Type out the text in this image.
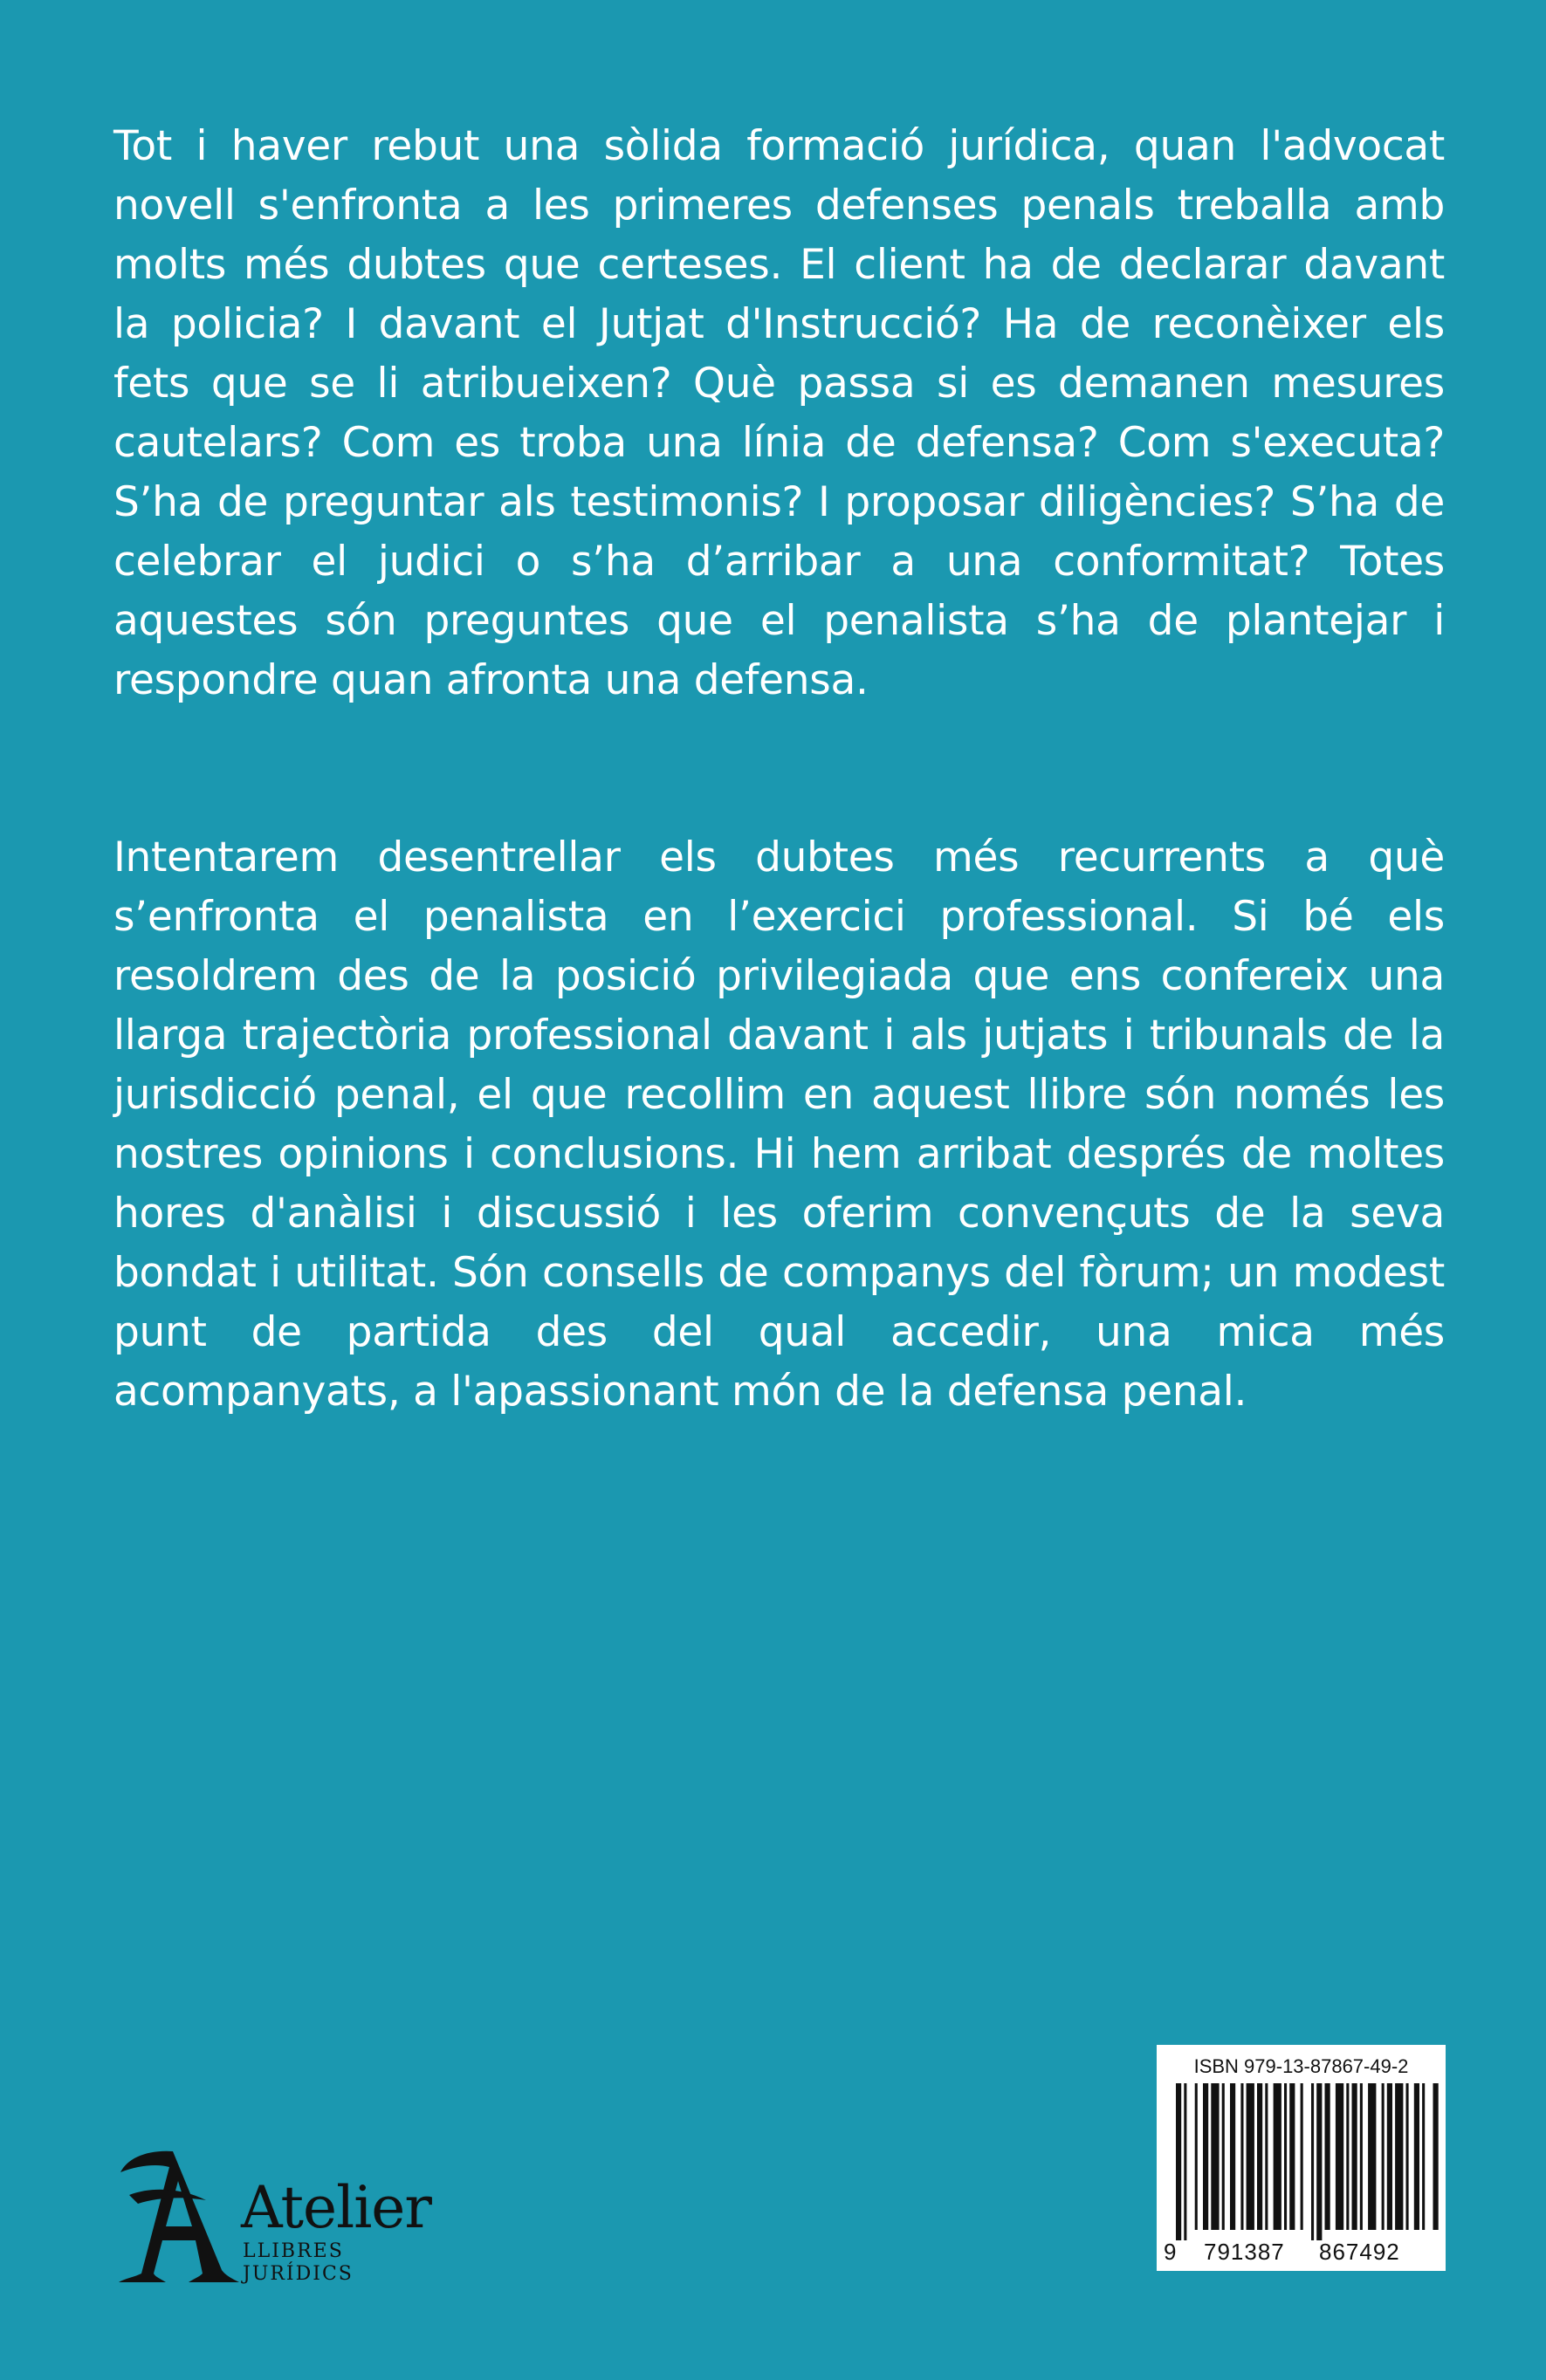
Tot i haver rebut una sòlida formació jurídica, quan l'advocat novell s'enfronta a les primeres defenses penals treballa amb molts més dubtes que certeses. El client ha de declarar davant la policia? I davant el Jutjat d'Instrucció? Ha de reconèixer els fets que se li atribueixen? Què passa si es demanen mesures cautelars? Com es troba una línia de defensa? Com s'executa? S’ha de preguntar als testimonis? I proposar diligències? S’ha de celebrar el judici o s’ha d’arribar a una conformitat? Totes aquestes són preguntes que el penalista s’ha de plantejar i respondre quan afronta una defensa.
Intentarem desentrellar els dubtes més recurrents a què s’enfronta el penalista en l’exercici professional. Si bé els resoldrem des de la posició privilegiada que ens confereix una llarga trajectòria professional davant i als jutjats i tribunals de la jurisdicció penal, el que recollim en aquest llibre són només les nostres opinions i conclusions. Hi hem arribat després de moltes hores d'anàlisi i discussió i les oferim convençuts de la seva bondat i utilitat. Són consells de companys del fòrum; un modest punt de partida des del qual accedir, una mica més acompanyats, a l'apassionant món de la defensa penal.
Atelier
LLIBRES JURÍDICS
ISBN 979-13-87867-49-2
9 791387 867492
